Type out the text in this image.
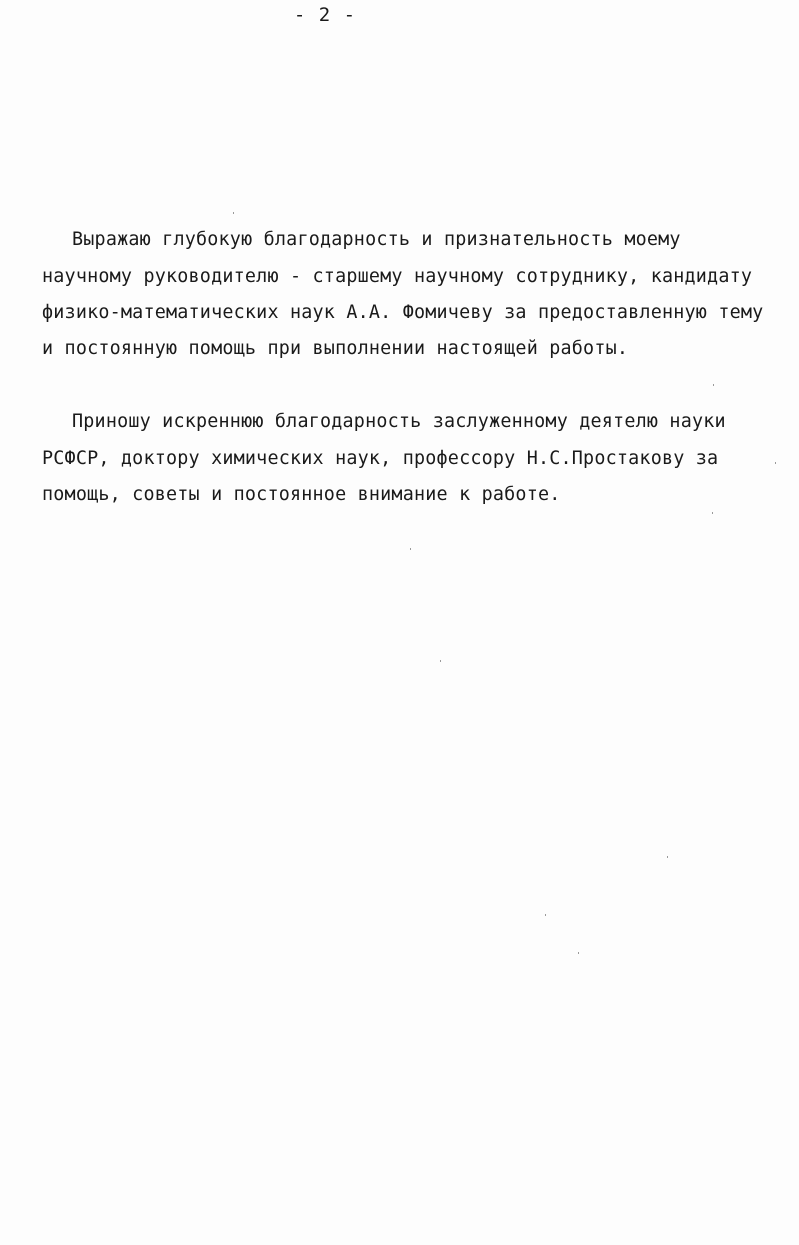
- 2 -
Выражаю глубокую благодарность и признательность моему
научному руководителю - старшему научному сотруднику, кандидату
физико-математических наук А.А. Фомичеву за предоставленную тему
и постоянную помощь при выполнении настоящей работы.
Приношу искреннюю благодарность заслуженному деятелю науки
РСФСР, доктору химических наук, профессору Н.С.Простакову за
помощь, советы и постоянное внимание к работе.
